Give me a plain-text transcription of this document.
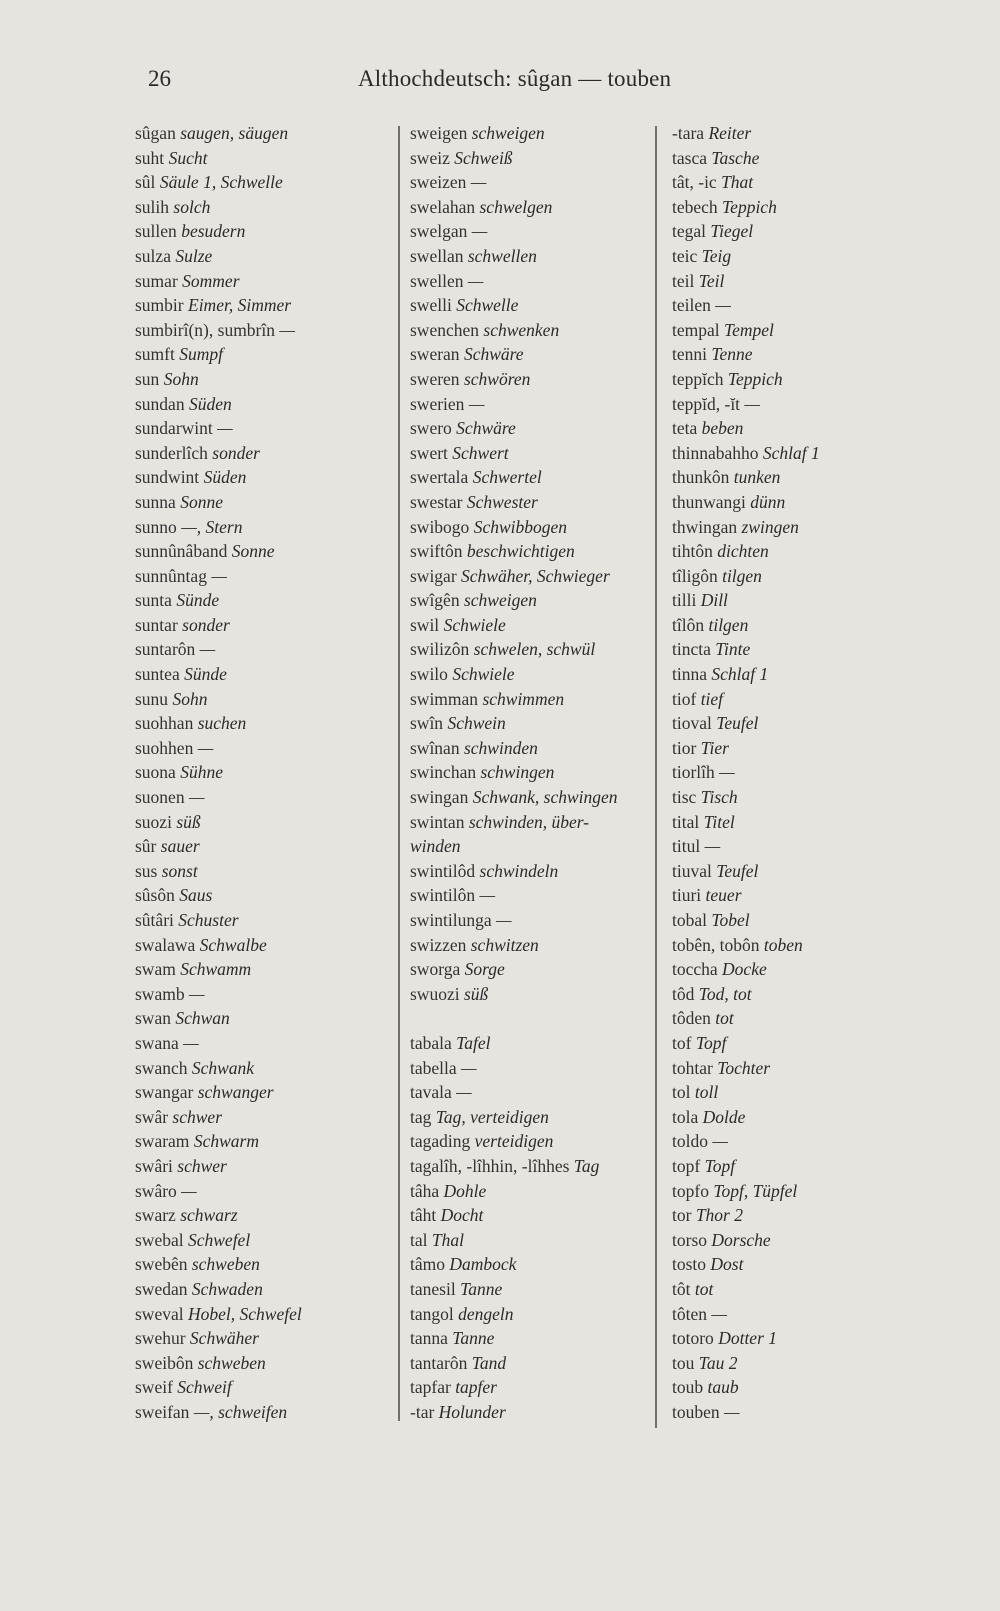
26	Althochdeutsch: sûgan — touben
sûgan saugen, säugen
suht Sucht
sûl Säule 1, Schwelle
sulih solch
sullen besudern
sulza Sulze
sumar Sommer
sumbir Eimer, Simmer
sumbirî(n), sumbrîn —
sumft Sumpf
sun Sohn
sundan Süden
sundarwint —
sunderlîch sonder
sundwint Süden
sunna Sonne
sunno —, Stern
sunnûnâband Sonne
sunnûntag —
sunta Sünde
suntar sonder
suntarôn —
suntea Sünde
sunu Sohn
suohhan suchen
suohhen —
suona Sühne
suonen —
suozi süß
sûr sauer
sus sonst
sûsôn Saus
sûtâri Schuster
swalawa Schwalbe
swam Schwamm
swamb —
swan Schwan
swana —
swanch Schwank
swangar schwanger
swâr schwer
swaram Schwarm
swâri schwer
swâro —
swarz schwarz
swebal Schwefel
swebên schweben
swedan Schwaden
sweval Hobel, Schwefel
swehur Schwäher
sweibôn schweben
sweif Schweif
sweifan —, schweifen
sweigen schweigen
sweiz Schweiß
sweizen —
swelahan schwelgen
swelgan —
swellan schwellen
swellen —
swelli Schwelle
swenchen schwenken
sweran Schwäre
sweren schwören
swerien —
swero Schwäre
swert Schwert
swertala Schwertel
swestar Schwester
swibogo Schwibbogen
swiftôn beschwichtigen
swigar Schwäher, Schwieger
swîgên schweigen
swil Schwiele
swilizôn schwelen, schwül
swilo Schwiele
swimman schwimmen
swîn Schwein
swînan schwinden
swinchan schwingen
swingan Schwank, schwingen
swintan schwinden, über-
winden
swintilôd schwindeln
swintilôn —
swintilunga —
swizzen schwitzen
sworga Sorge
swuozi süß
tabala Tafel
tabella —
tavala —
tag Tag, verteidigen
tagading verteidigen
tagalîh, -lîhhin, -lîhhes Tag
tâha Dohle
tâht Docht
tal Thal
tâmo Dambock
tanesil Tanne
tangol dengeln
tanna Tanne
tantarôn Tand
tapfar tapfer
-tar Holunder
-tara Reiter
tasca Tasche
tât, -ic That
tebech Teppich
tegal Tiegel
teic Teig
teil Teil
teilen —
tempal Tempel
tenni Tenne
teppĭch Teppich
teppĭd, -ĭt —
teta beben
thinnabahho Schlaf 1
thunkôn tunken
thunwangi dünn
thwingan zwingen
tihtôn dichten
tîligôn tilgen
tilli Dill
tîlôn tilgen
tincta Tinte
tinna Schlaf 1
tiof tief
tioval Teufel
tior Tier
tiorlîh —
tisc Tisch
tital Titel
titul —
tiuval Teufel
tiuri teuer
tobal Tobel
tobên, tobôn toben
toccha Docke
tôd Tod, tot
tôden tot
tof Topf
tohtar Tochter
tol toll
tola Dolde
toldo —
topf Topf
topfo Topf, Tüpfel
tor Thor 2
torso Dorsche
tosto Dost
tôt tot
tôten —
totoro Dotter 1
tou Tau 2
toub taub
touben —
